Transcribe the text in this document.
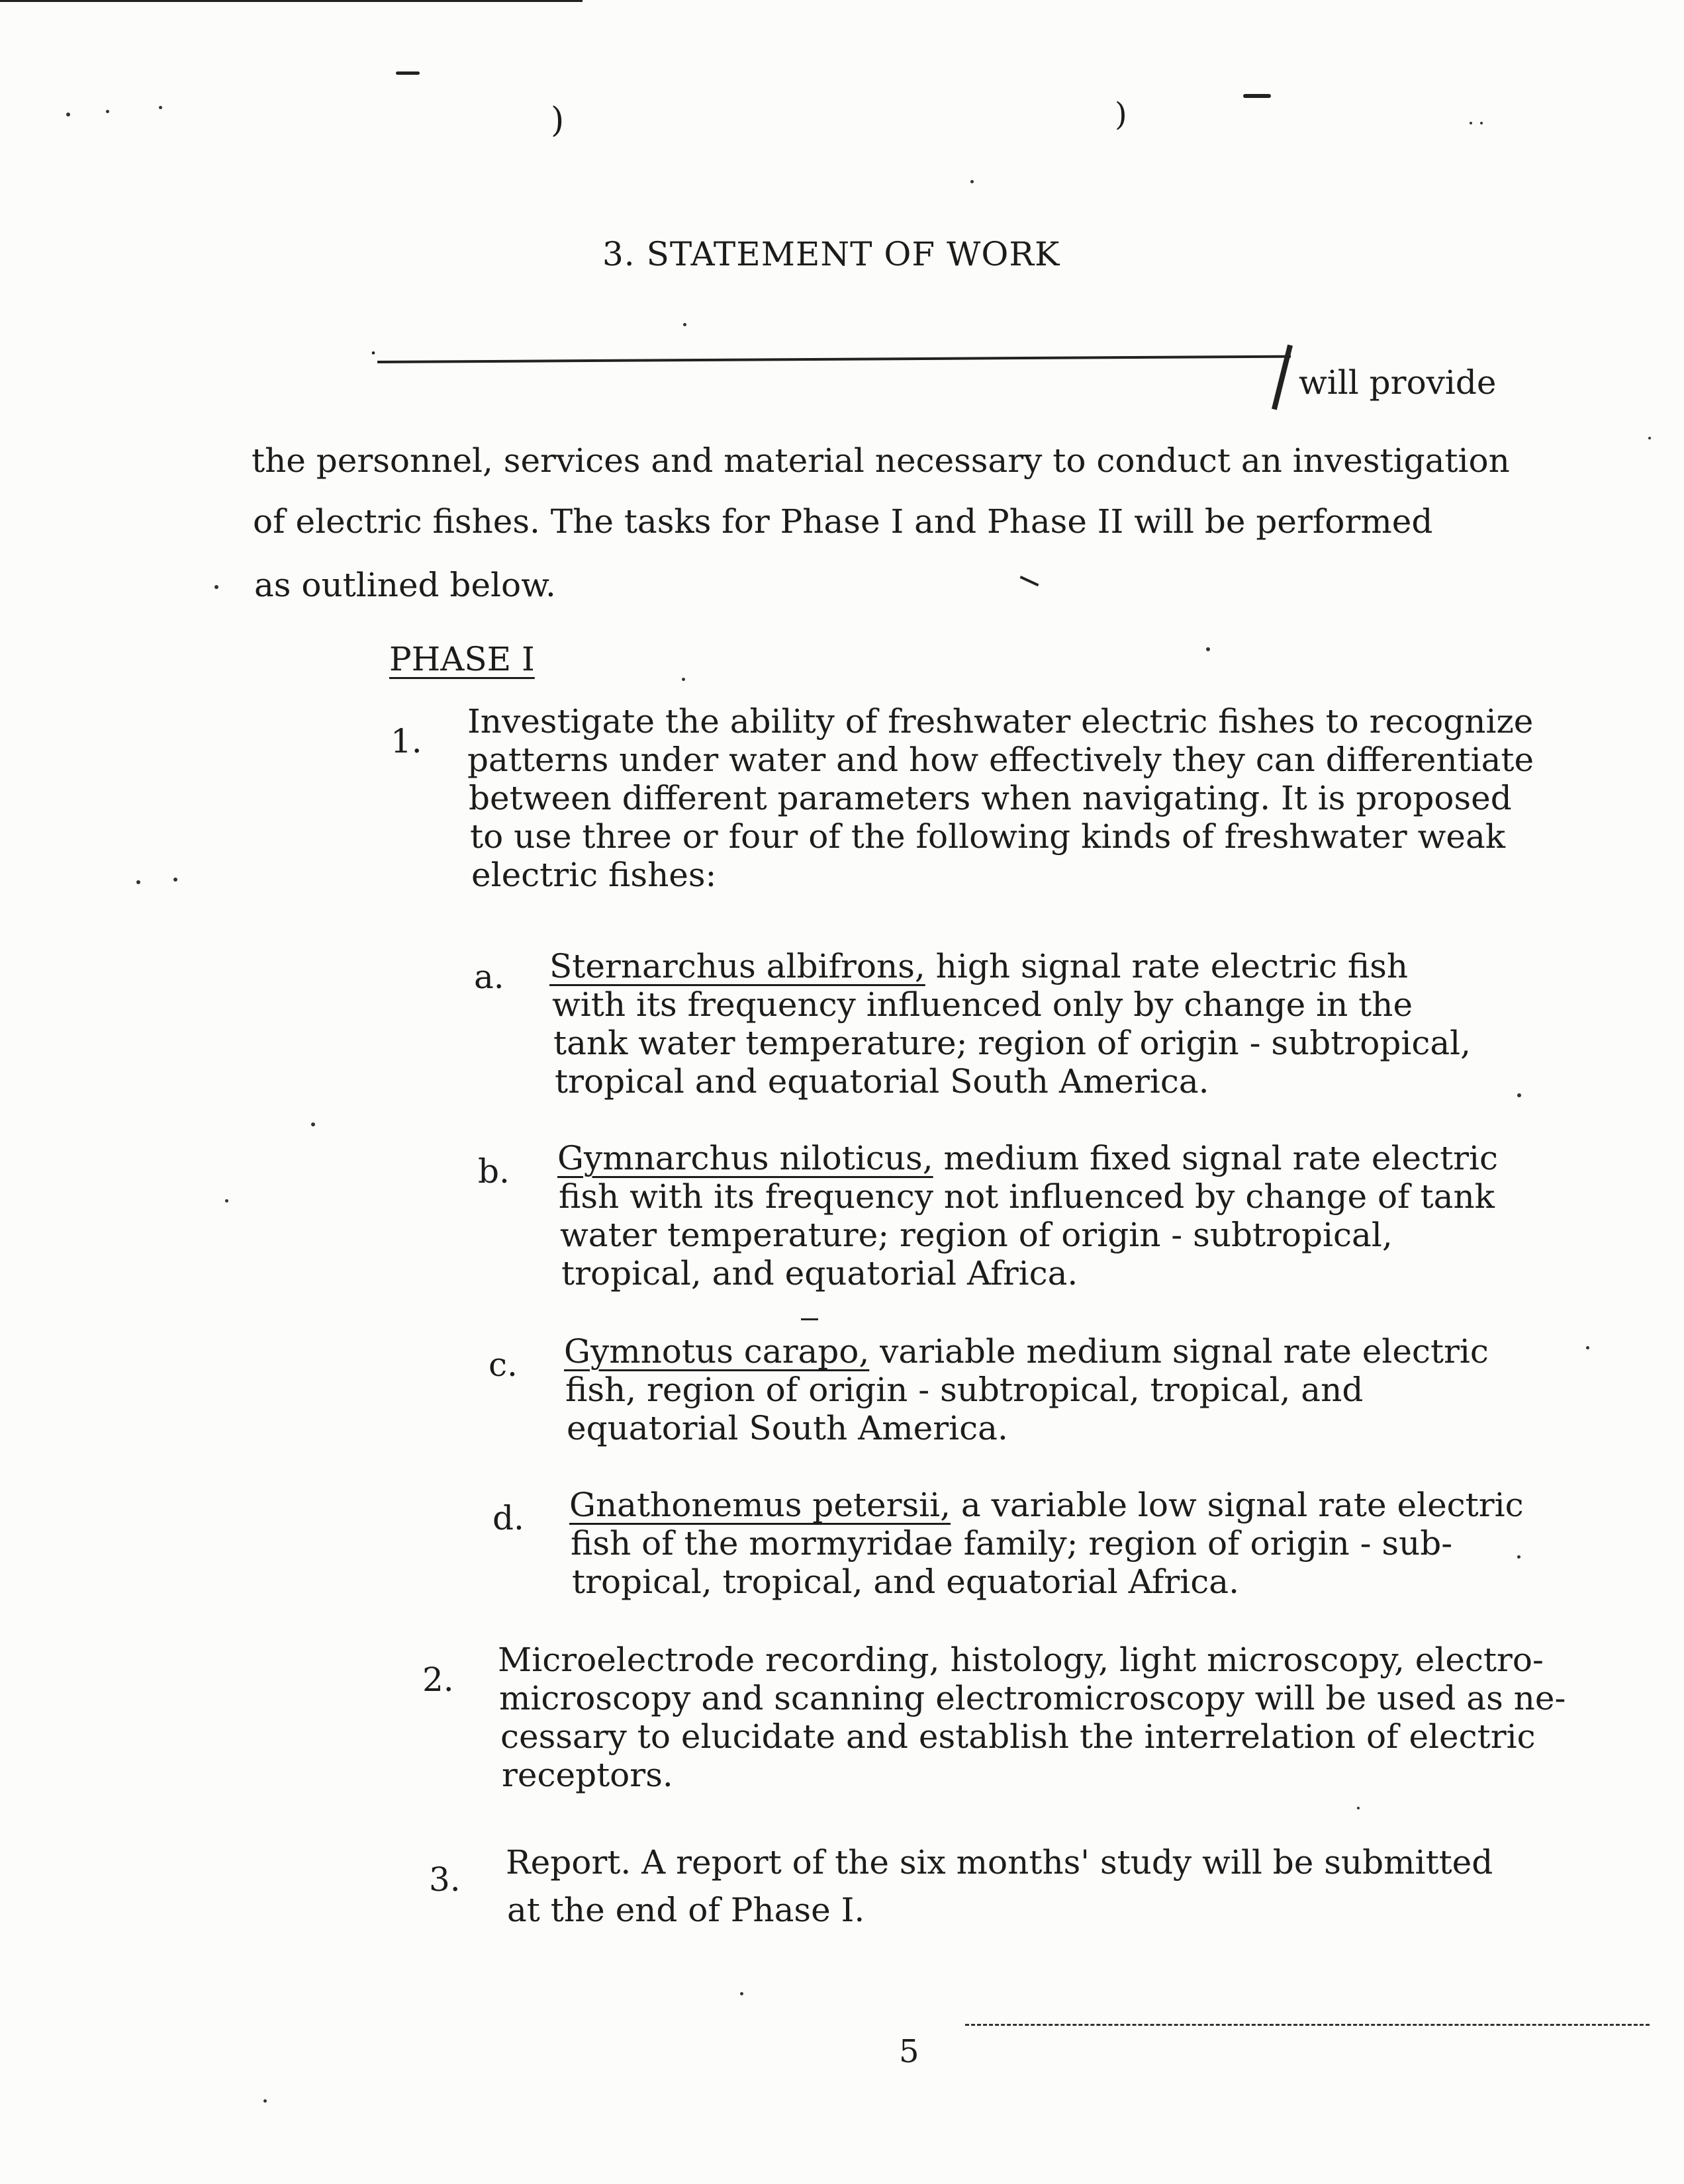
)	)
3. STATEMENT OF WORK
˙	will provide
the personnel, services and material necessary to conduct an investigation
of electric fishes. The tasks for Phase I and Phase II will be performed
as outlined below.
PHASE I
1.
Investigate the ability of freshwater electric fishes to recognize
patterns under water and how effectively they can differentiate
between different parameters when navigating. It is proposed
to use three or four of the following kinds of freshwater weak
electric fishes:
a. Sternarchus albifrons, high signal rate electric fish
with its frequency influenced only by change in the
tank water temperature; region of origin - subtropical,
tropical and equatorial South America.
b. Gymnarchus niloticus, medium fixed signal rate electric
fish with its frequency not influenced by change of tank
water temperature; region of origin - subtropical,
tropical, and equatorial Africa.
c. Gymnotus carapo, variable medium signal rate electric
fish, region of origin - subtropical, tropical, and
equatorial South America.
d. Gnathonemus petersii, a variable low signal rate electric
fish of the mormyridae family; region of origin - sub-
tropical, tropical, and equatorial Africa.
2.
Microelectrode recording, histology, light microscopy, electro-
microscopy and scanning electromicroscopy will be used as ne-
cessary to elucidate and establish the interrelation of electric
receptors.
3. Report. A report of the six months' study will be submitted
at the end of Phase I.
5
